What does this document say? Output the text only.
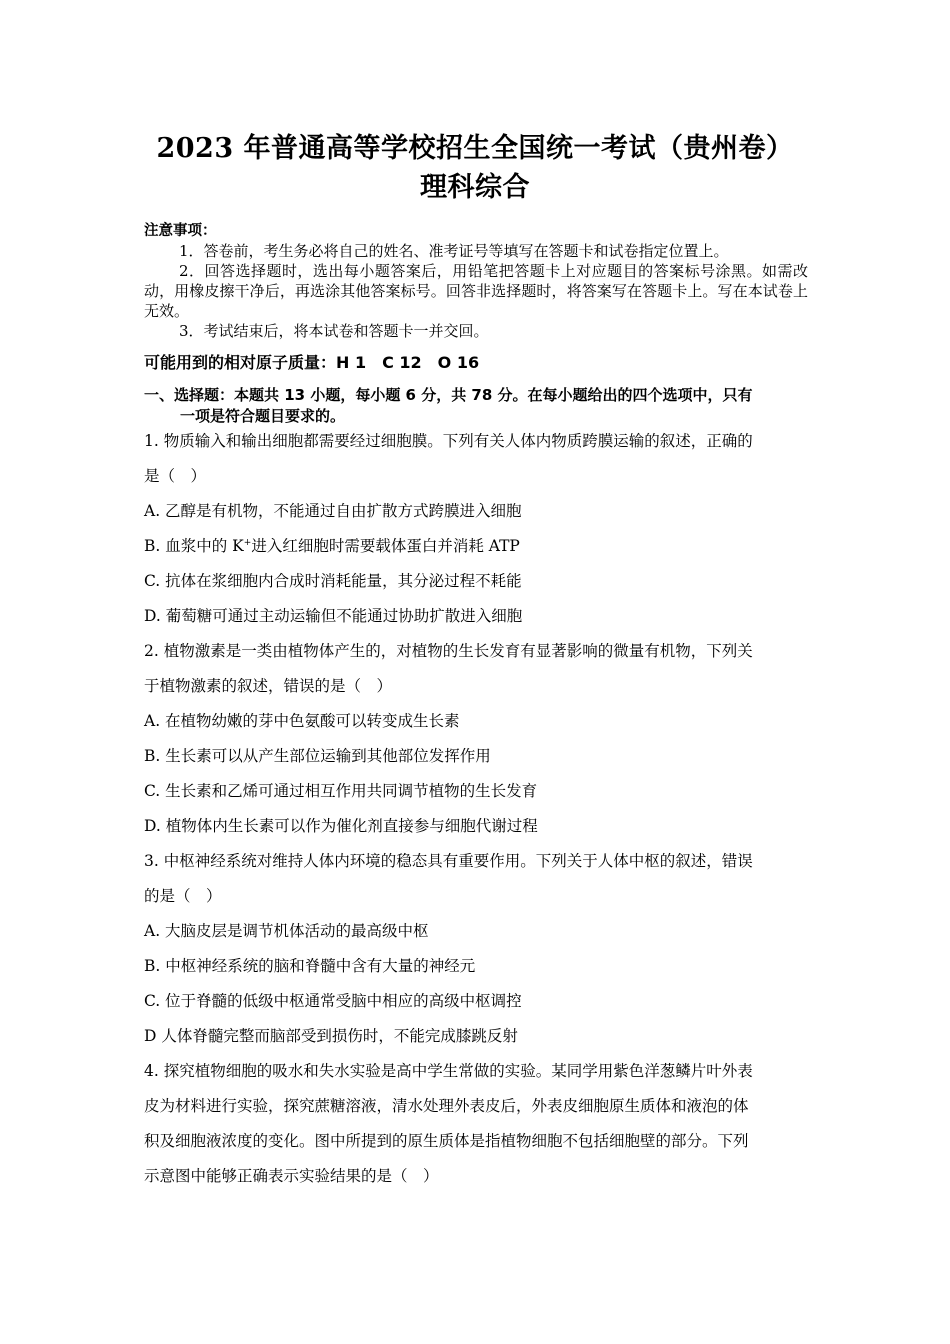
2023 年普通高等学校招生全国统一考试（贵州卷）
理科综合
注意事项：
1．答卷前，考生务必将自己的姓名、准考证号等填写在答题卡和试卷指定位置上。
2．回答选择题时，选出每小题答案后，用铅笔把答题卡上对应题目的答案标号涂黑。如需改动，用橡皮擦干净后，再选涂其他答案标号。回答非选择题时，将答案写在答题卡上。写在本试卷上无效。
3．考试结束后，将本试卷和答题卡一并交回。
可能用到的相对原子质量：H 1　C 12　O 16
一、选择题：本题共 13 小题，每小题 6 分，共 78 分。在每小题给出的四个选项中，只有
一项是符合题目要求的。
1. 物质输入和输出细胞都需要经过细胞膜。下列有关人体内物质跨膜运输的叙述，正确的
是（　）
A. 乙醇是有机物，不能通过自由扩散方式跨膜进入细胞
B. 血浆中的 K+进入红细胞时需要载体蛋白并消耗 ATP
C. 抗体在浆细胞内合成时消耗能量，其分泌过程不耗能
D. 葡萄糖可通过主动运输但不能通过协助扩散进入细胞
2. 植物激素是一类由植物体产生的，对植物的生长发育有显著影响的微量有机物，下列关
于植物激素的叙述，错误的是（　）
A. 在植物幼嫩的芽中色氨酸可以转变成生长素
B. 生长素可以从产生部位运输到其他部位发挥作用
C. 生长素和乙烯可通过相互作用共同调节植物的生长发育
D. 植物体内生长素可以作为催化剂直接参与细胞代谢过程
3. 中枢神经系统对维持人体内环境的稳态具有重要作用。下列关于人体中枢的叙述，错误
的是（　）
A. 大脑皮层是调节机体活动的最高级中枢
B. 中枢神经系统的脑和脊髓中含有大量的神经元
C. 位于脊髓的低级中枢通常受脑中相应的高级中枢调控
D 人体脊髓完整而脑部受到损伤时，不能完成膝跳反射
4. 探究植物细胞的吸水和失水实验是高中学生常做的实验。某同学用紫色洋葱鳞片叶外表
皮为材料进行实验，探究蔗糖溶液，清水处理外表皮后，外表皮细胞原生质体和液泡的体
积及细胞液浓度的变化。图中所提到的原生质体是指植物细胞不包括细胞壁的部分。下列
示意图中能够正确表示实验结果的是（　）
